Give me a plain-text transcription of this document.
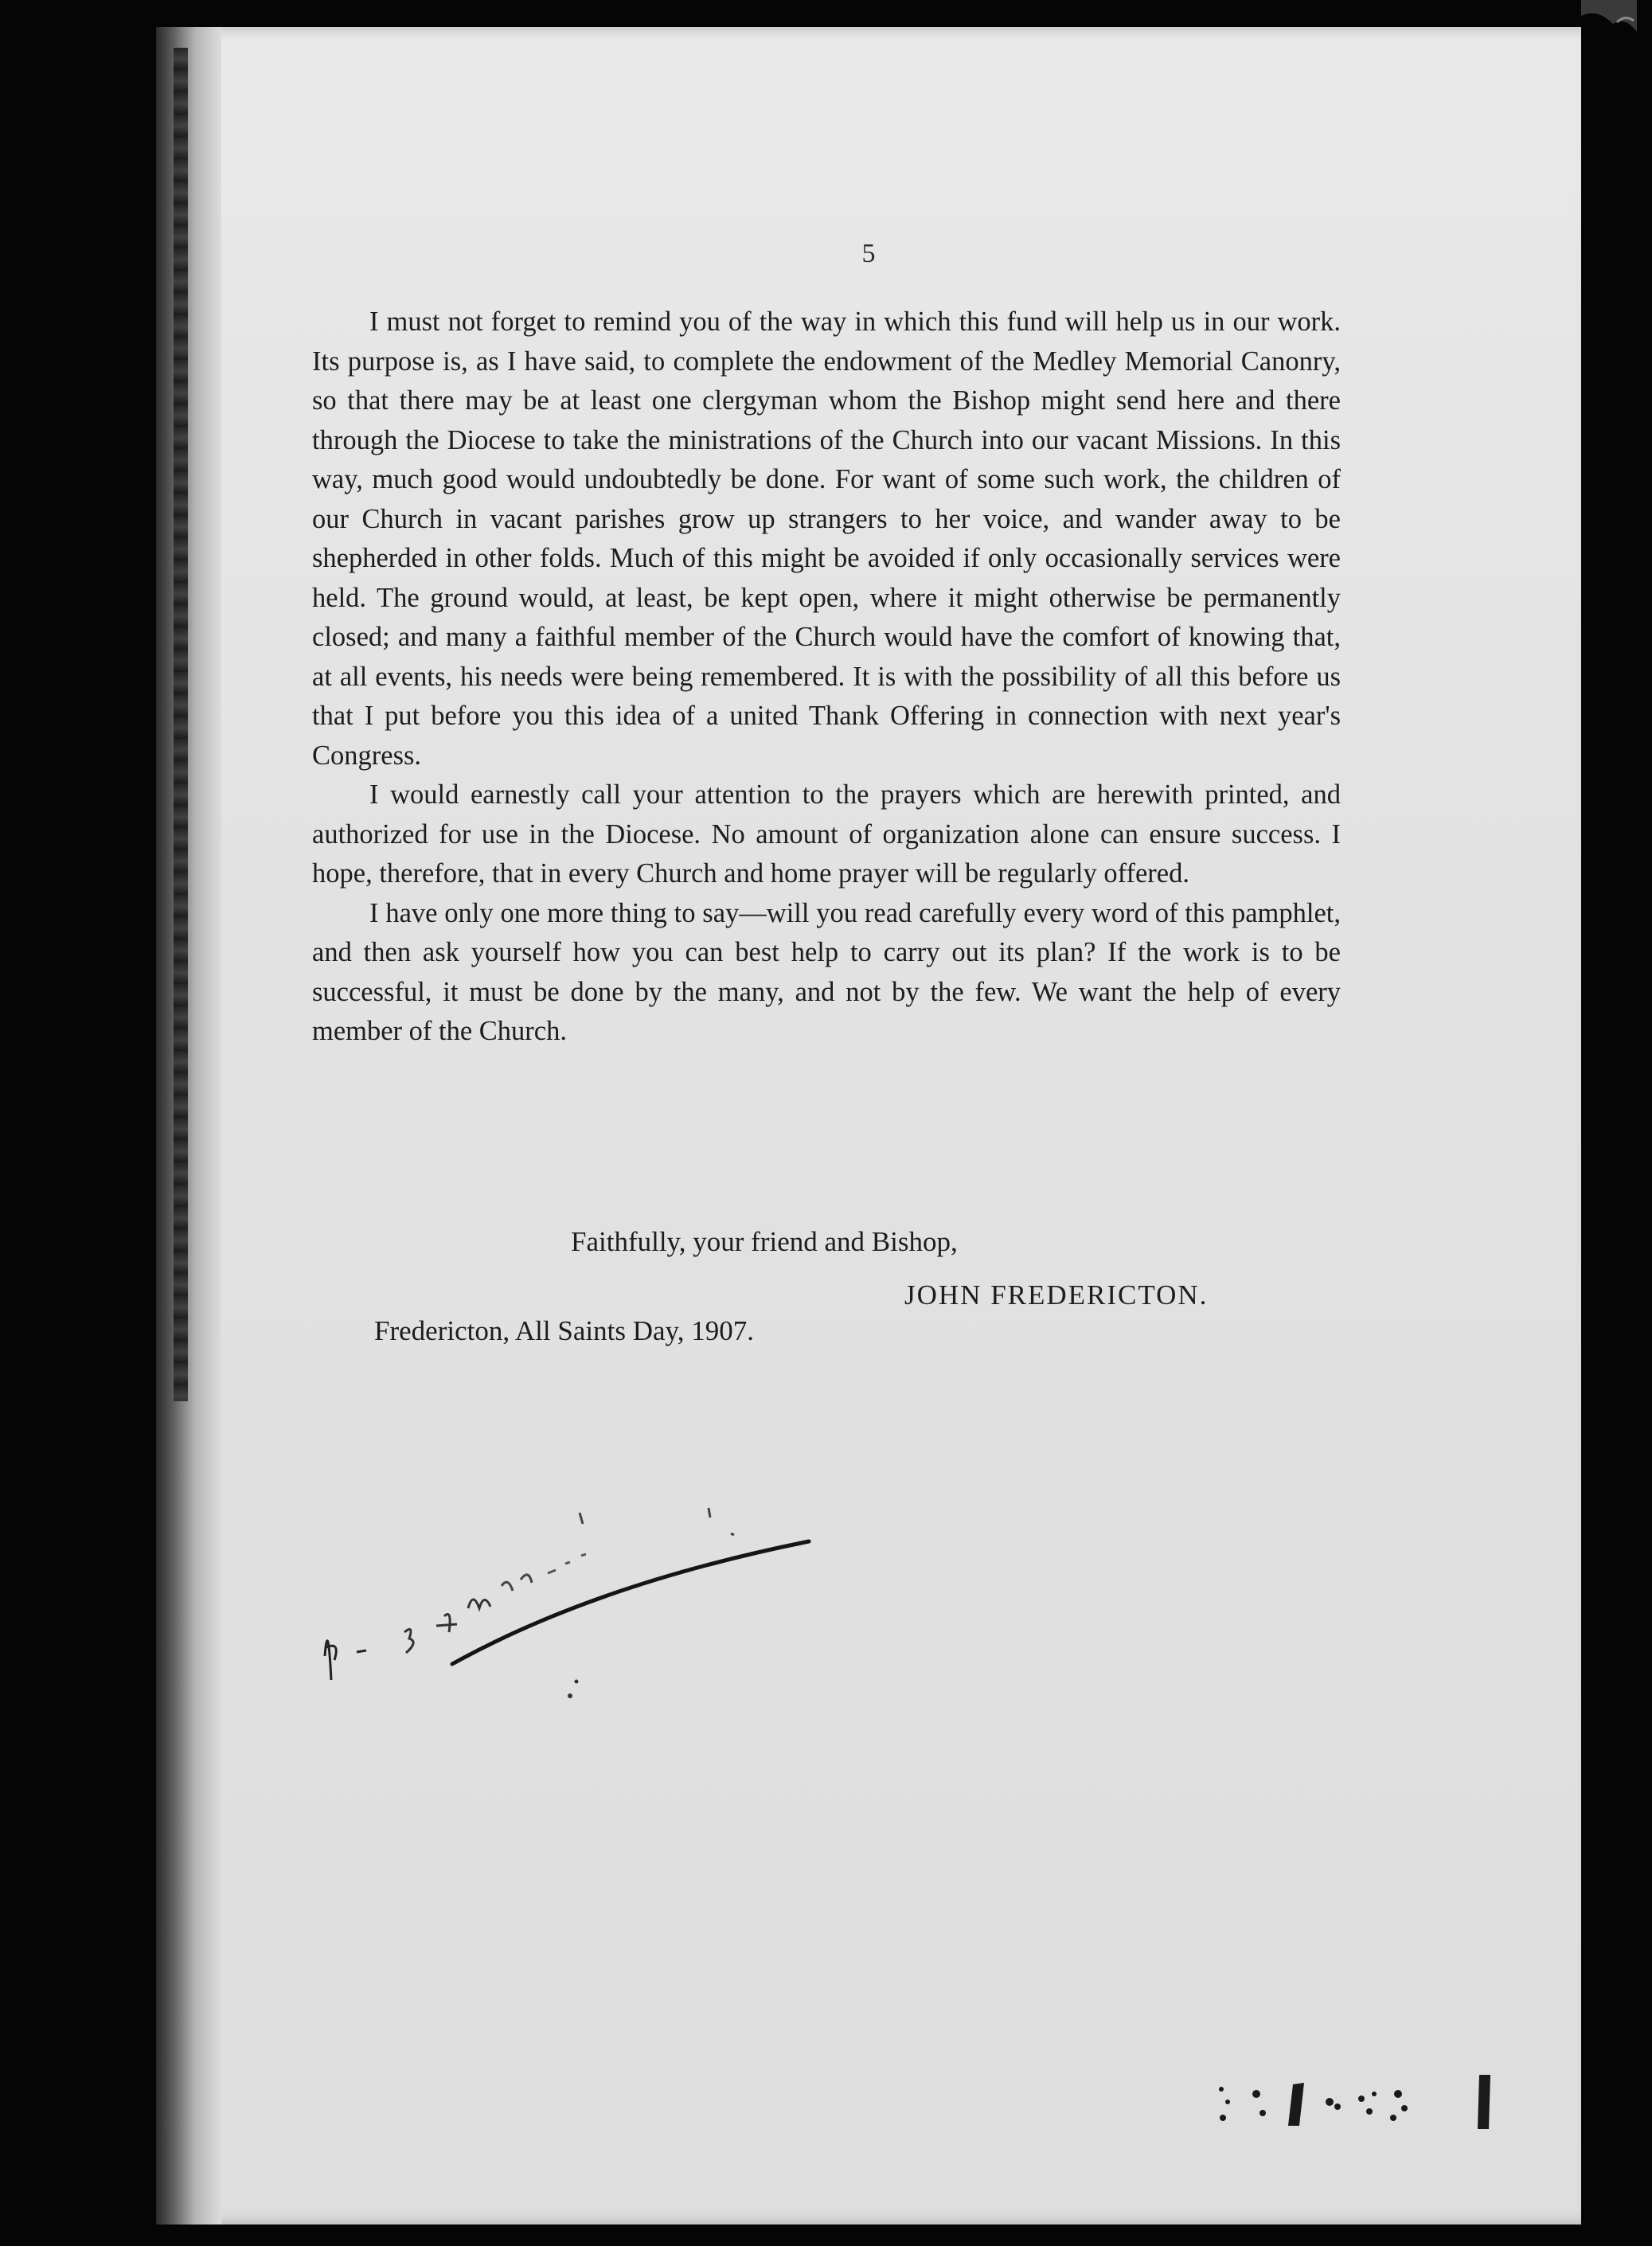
5

I must not forget to remind you of the way in which this fund will help us in our work. Its purpose is, as I have said, to complete the endowment of the Medley Memorial Canonry, so that there may be at least one clergyman whom the Bishop might send here and there through the Diocese to take the ministrations of the Church into our vacant Missions. In this way, much good would undoubtedly be done. For want of some such work, the children of our Church in vacant parishes grow up strangers to her voice, and wander away to be shepherded in other folds. Much of this might be avoided if only occasionally services were held. The ground would, at least, be kept open, where it might otherwise be permanently closed; and many a faithful member of the Church would have the comfort of knowing that, at all events, his needs were being remembered. It is with the possibility of all this before us that I put before you this idea of a united Thank Offering in connection with next year's Congress.

I would earnestly call your attention to the prayers which are herewith printed, and authorized for use in the Diocese. No amount of organization alone can ensure success. I hope, therefore, that in every Church and home prayer will be regularly offered.

I have only one more thing to say—will you read carefully every word of this pamphlet, and then ask yourself how you can best help to carry out its plan? If the work is to be successful, it must be done by the many, and not by the few. We want the help of every member of the Church.

Faithfully, your friend and Bishop,
JOHN FREDERICTON.
Fredericton, All Saints Day, 1907.
